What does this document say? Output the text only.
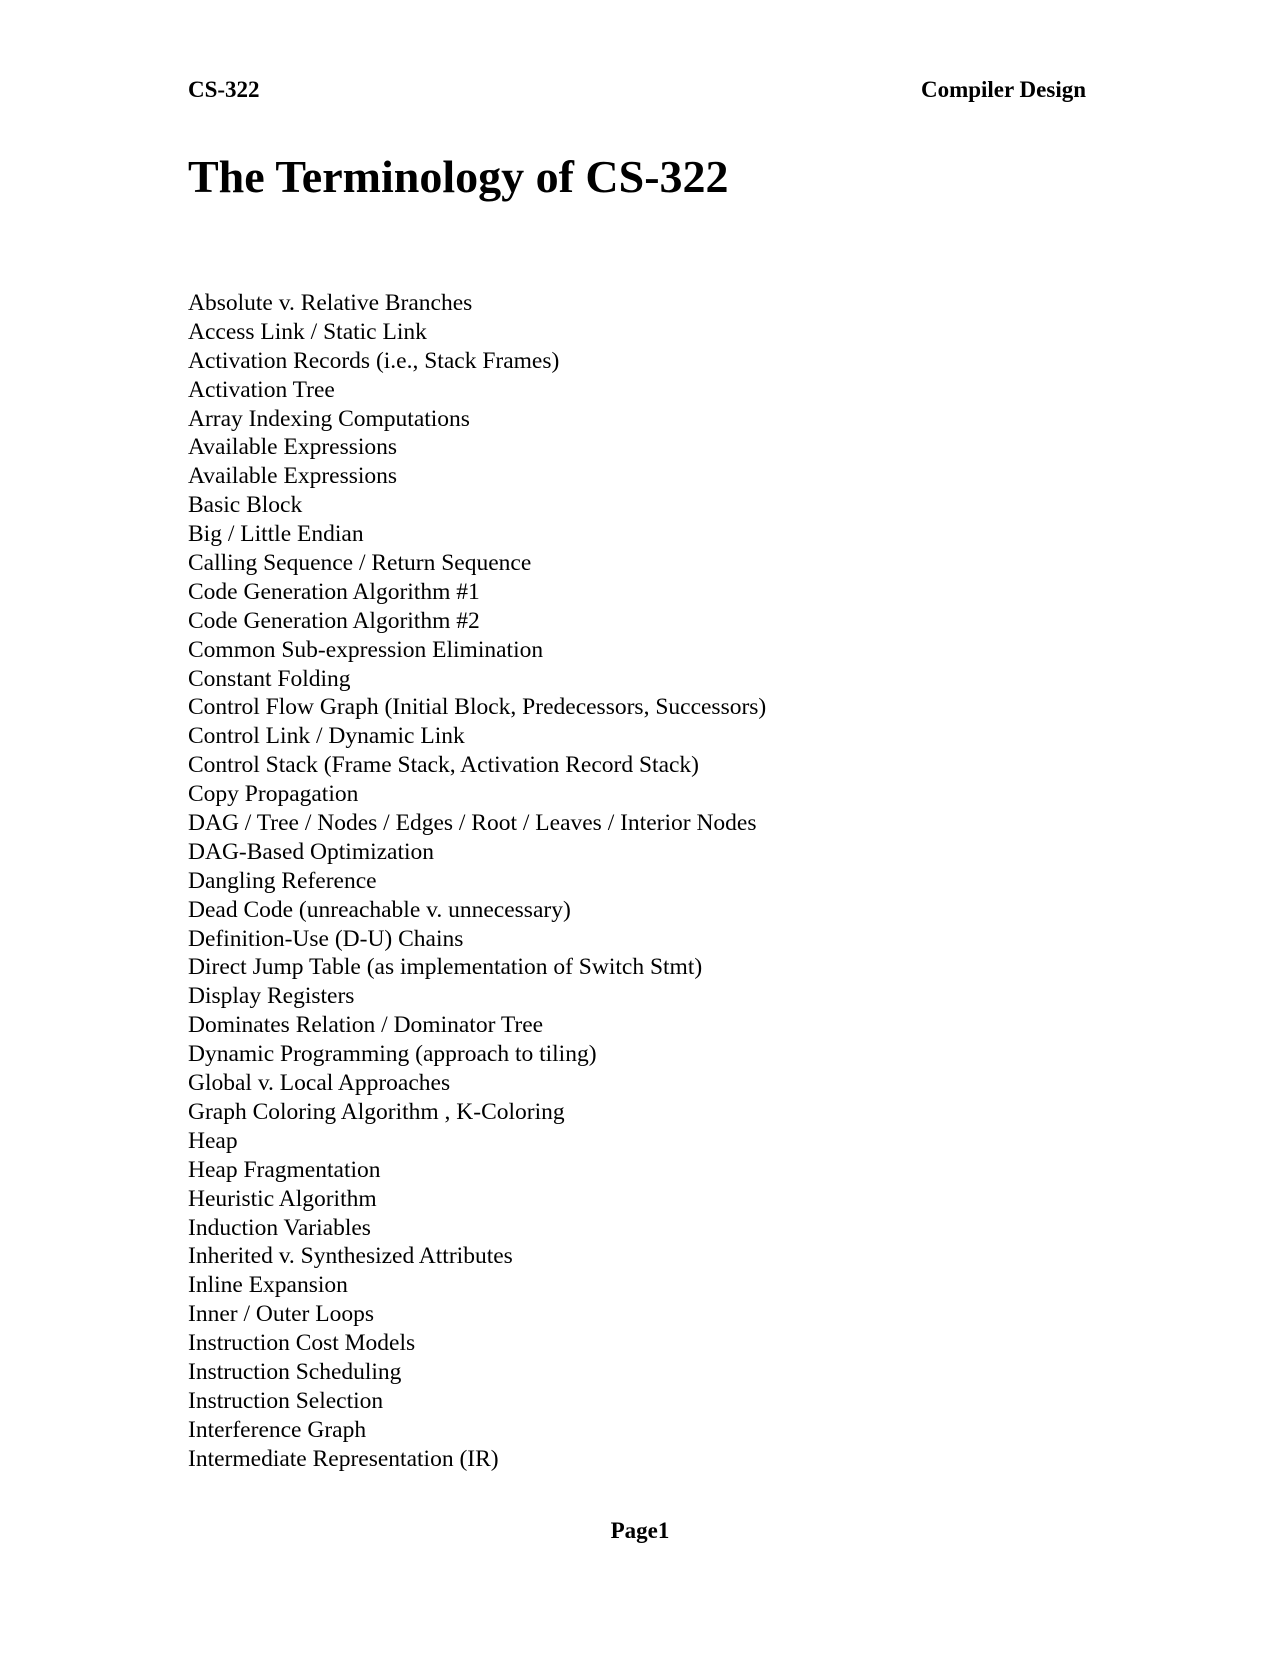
CS-322	Compiler Design
The Terminology of CS-322
Absolute v. Relative Branches
Access Link / Static Link
Activation Records (i.e., Stack Frames)
Activation Tree
Array Indexing Computations
Available Expressions
Available Expressions
Basic Block
Big / Little Endian
Calling Sequence / Return Sequence
Code Generation Algorithm #1
Code Generation Algorithm #2
Common Sub-expression Elimination
Constant Folding
Control Flow Graph (Initial Block, Predecessors, Successors)
Control Link / Dynamic Link
Control Stack (Frame Stack, Activation Record Stack)
Copy Propagation
DAG / Tree / Nodes / Edges / Root / Leaves / Interior Nodes
DAG-Based Optimization
Dangling Reference
Dead Code (unreachable v. unnecessary)
Definition-Use (D-U) Chains
Direct Jump Table (as implementation of Switch Stmt)
Display Registers
Dominates Relation / Dominator Tree
Dynamic Programming (approach to tiling)
Global v. Local Approaches
Graph Coloring Algorithm , K-Coloring
Heap
Heap Fragmentation
Heuristic Algorithm
Induction Variables
Inherited v. Synthesized Attributes
Inline Expansion
Inner / Outer Loops
Instruction Cost Models
Instruction Scheduling
Instruction Selection
Interference Graph
Intermediate Representation (IR)
Page1
